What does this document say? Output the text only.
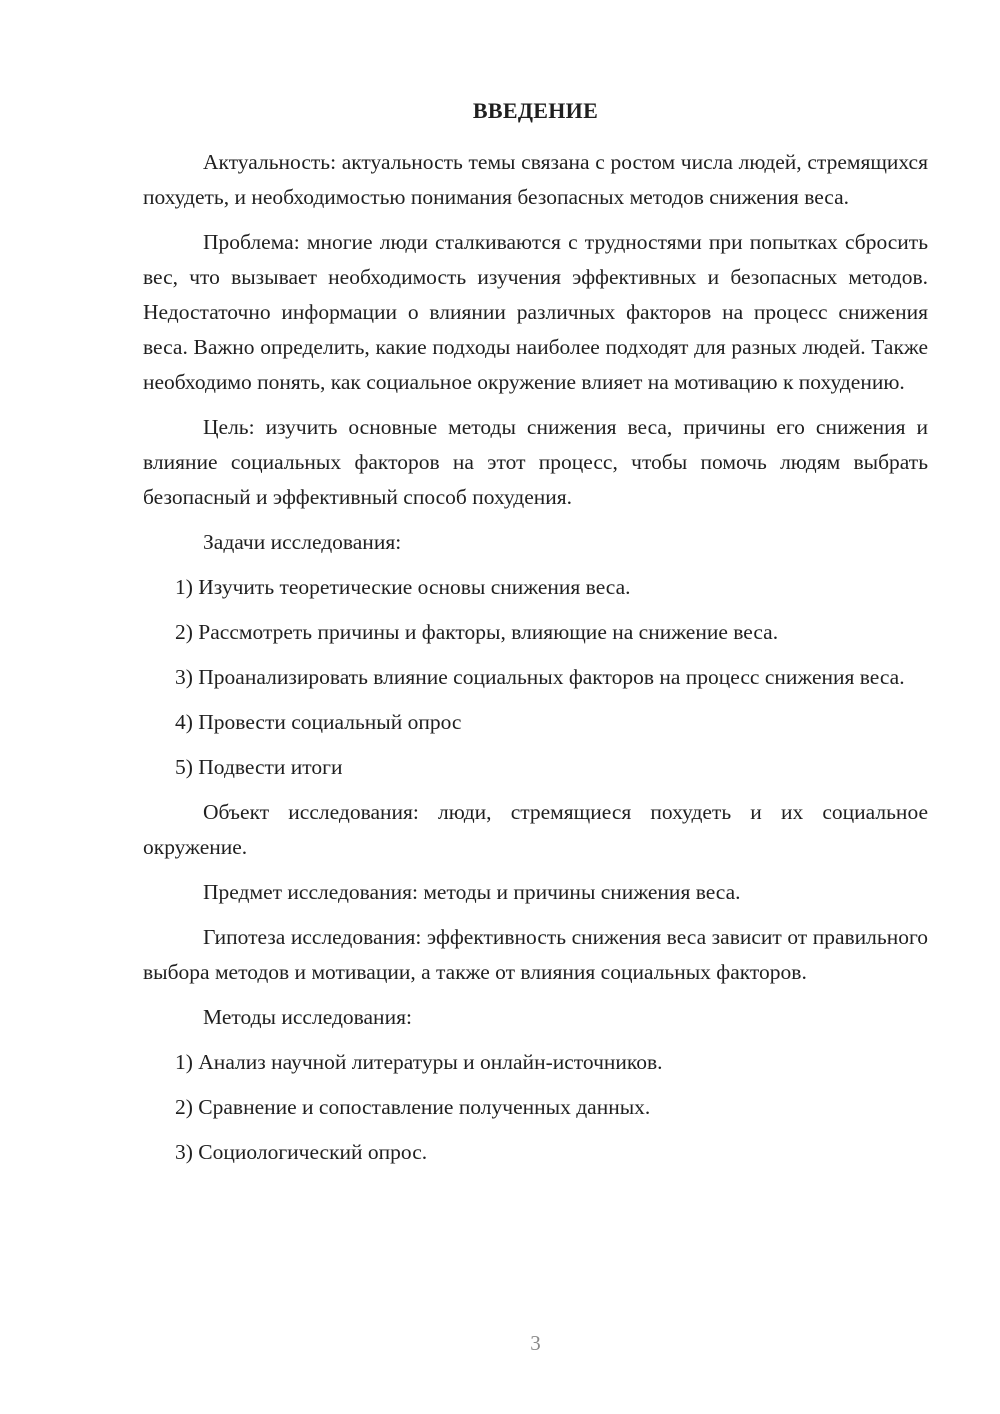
ВВЕДЕНИЕ

Актуальность: актуальность темы связана с ростом числа людей, стремящихся похудеть, и необходимостью понимания безопасных методов снижения веса.

Проблема: многие люди сталкиваются с трудностями при попытках сбросить вес, что вызывает необходимость изучения эффективных и безопасных методов. Недостаточно информации о влиянии различных факторов на процесс снижения веса. Важно определить, какие подходы наиболее подходят для разных людей. Также необходимо понять, как социальное окружение влияет на мотивацию к похудению.

Цель: изучить основные методы снижения веса, причины его снижения и влияние социальных факторов на этот процесс, чтобы помочь людям выбрать безопасный и эффективный способ похудения.

Задачи исследования:

1) Изучить теоретические основы снижения веса.

2) Рассмотреть причины и факторы, влияющие на снижение веса.

3) Проанализировать влияние социальных факторов на процесс снижения веса.

4) Провести социальный опрос

5) Подвести итоги

Объект исследования: люди, стремящиеся похудеть и их социальное окружение.

Предмет исследования: методы и причины снижения веса.

Гипотеза исследования: эффективность снижения веса зависит от правильного выбора методов и мотивации, а также от влияния социальных факторов.

Методы исследования:

1) Анализ научной литературы и онлайн-источников.

2) Сравнение и сопоставление полученных данных.

3) Социологический опрос.

3
